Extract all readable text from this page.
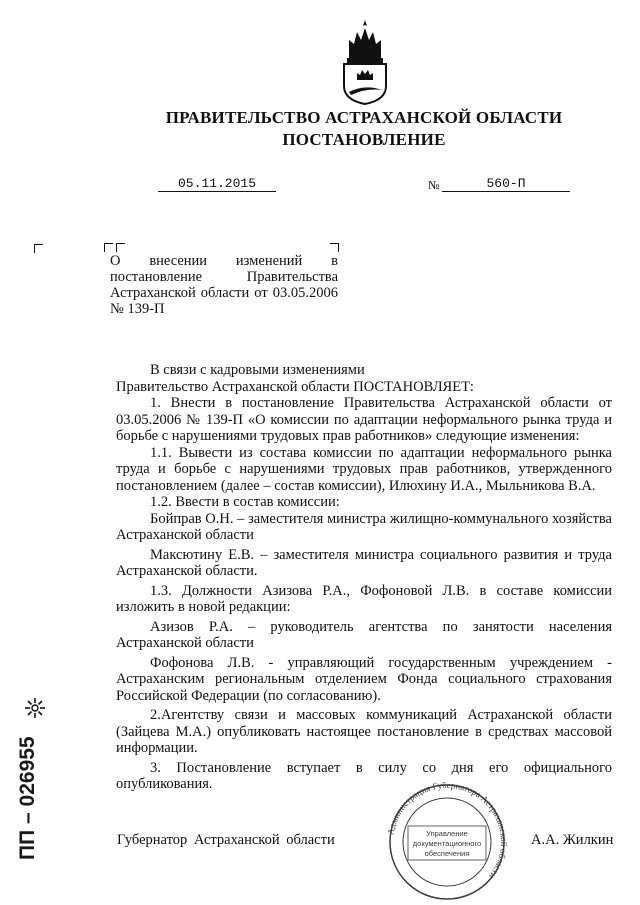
ПРАВИТЕЛЬСТВО АСТРАХАНСКОЙ ОБЛАСТИ
ПОСТАНОВЛЕНИЕ
05.11.2015	№	560-П
О внесении изменений в постановление Правительства Астраханской области от 03.05.2006 № 139-П

В связи с кадровыми изменениями

Правительство Астраханской области ПОСТАНОВЛЯЕТ:

1. Внести в постановление Правительства Астраханской области от 03.05.2006 № 139-П «О комиссии по адаптации неформального рынка труда и борьбе с нарушениями трудовых прав работников» следующие изменения:

1.1. Вывести из состава комиссии по адаптации неформального рынка труда и борьбе с нарушениями трудовых прав работников, утвержденного постановлением (далее – состав комиссии), Илюхину И.А., Мыльникова В.А.

1.2. Ввести в состав комиссии:

Бойправ О.Н. – заместителя министра жилищно-коммунального хозяйства Астраханской области

Максютину Е.В. – заместителя министра социального развития и труда Астраханской области.

1.3. Должности Азизова Р.А., Фофоновой Л.В. в составе комиссии изложить в новой редакции:

Азизов Р.А. – руководитель агентства по занятости населения Астраханской области

Фофонова Л.В. - управляющий государственным учреждением - Астраханским региональным отделением Фонда социального страхования Российской Федерации (по согласованию).

2.Агентству связи и массовых коммуникаций Астраханской области (Зайцева М.А.) опубликовать настоящее постановление в средствах массовой информации.

3. Постановление вступает в силу со дня его официального опубликования.

Администрация Губернатора Астраханской области
Управление
документационного
обеспечения
Губернатор Астраханской области	А.А. Жилкин
ПП – 026955
